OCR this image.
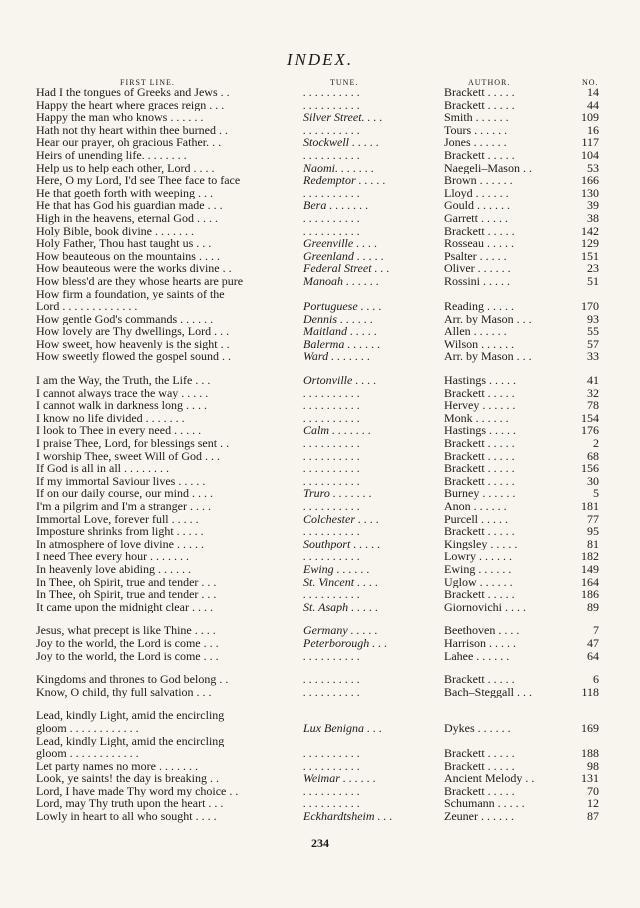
INDEX.
FIRST LINE.	TUNE.	AUTHOR.	NO.
Had I the tongues of Greeks and Jews . .	. . . . . . . . . .	Brackett . . . . .	14
Happy the heart where graces reign . . .	. . . . . . . . . .	Brackett . . . . .	44
Happy the man who knows . . . . . .	Silver Street. . . .	Smith . . . . . .	109
Hath not thy heart within thee burned . .	. . . . . . . . . .	Tours . . . . . .	16
Hear our prayer, oh gracious Father. . .	Stockwell . . . . .	Jones . . . . . .	117
Heirs of unending life. . . . . . . .	. . . . . . . . . .	Brackett . . . . .	104
Help us to help each other, Lord . . . .	Naomi. . . . . . .	Naegeli–Mason . .	53
Here, O my Lord, I'd see Thee face to face	Redemptor . . . . .	Brown . . . . . .	166
He that goeth forth with weeping . . .	. . . . . . . . . .	Lloyd . . . . . .	130
He that has God his guardian made . . .	Bera . . . . . . .	Gould . . . . . .	39
High in the heavens, eternal God . . . .	. . . . . . . . . .	Garrett . . . . .	38
Holy Bible, book divine . . . . . . .	. . . . . . . . . .	Brackett . . . . .	142
Holy Father, Thou hast taught us . . .	Greenville . . . .	Rosseau . . . . .	129
How beauteous on the mountains . . . .	Greenland . . . . .	Psalter . . . . .	151
How beauteous were the works divine . .	Federal Street . . .	Oliver . . . . . .	23
How bless'd are they whose hearts are pure	Manoah . . . . . .	Rossini . . . . .	51
How firm a foundation, ye saints of the
Lord . . . . . . . . . . . . .	Portuguese . . . .	Reading . . . . .	170
How gentle God's commands . . . . . .	Dennis . . . . . .	Arr. by Mason . . .	93
How lovely are Thy dwellings, Lord . . .	Maitland . . . . .	Allen . . . . . .	55
How sweet, how heavenly is the sight . .	Balerma . . . . . .	Wilson . . . . . .	57
How sweetly flowed the gospel sound . .	Ward . . . . . . .	Arr. by Mason . . .	33
I am the Way, the Truth, the Life . . .	Ortonville . . . .	Hastings . . . . .	41
I cannot always trace the way . . . . .	. . . . . . . . . .	Brackett . . . . .	32
I cannot walk in darkness long . . . .	. . . . . . . . . .	Hervey . . . . . .	78
I know no life divided . . . . . . .	. . . . . . . . . .	Monk . . . . . .	154
I look to Thee in every need . . . . .	Calm . . . . . . .	Hastings . . . . .	176
I praise Thee, Lord, for blessings sent . .	. . . . . . . . . .	Brackett . . . . .	2
I worship Thee, sweet Will of God . . .	. . . . . . . . . .	Brackett . . . . .	68
If God is all in all . . . . . . . .	. . . . . . . . . .	Brackett . . . . .	156
If my immortal Saviour lives . . . . .	. . . . . . . . . .	Brackett . . . . .	30
If on our daily course, our mind . . . .	Truro . . . . . . .	Burney . . . . . .	5
I'm a pilgrim and I'm a stranger . . . .	. . . . . . . . . .	Anon . . . . . .	181
Immortal Love, forever full . . . . .	Colchester . . . .	Purcell . . . . .	77
Imposture shrinks from light . . . . .	. . . . . . . . . .	Brackett . . . . .	95
In atmosphere of love divine . . . . .	Southport . . . . .	Kingsley . . . . .	81
I need Thee every hour . . . . . . .	. . . . . . . . . .	Lowry . . . . . .	182
In heavenly love abiding . . . . . .	Ewing . . . . . .	Ewing . . . . . .	149
In Thee, oh Spirit, true and tender . . .	St. Vincent . . . .	Uglow . . . . . .	164
In Thee, oh Spirit, true and tender . . .	. . . . . . . . . .	Brackett . . . . .	186
It came upon the midnight clear . . . .	St. Asaph . . . . .	Giornovichi . . . .	89
Jesus, what precept is like Thine . . . .	Germany . . . . .	Beethoven . . . .	7
Joy to the world, the Lord is come . . .	Peterborough . . .	Harrison . . . . .	47
Joy to the world, the Lord is come . . .	. . . . . . . . . .	Lahee . . . . . .	64
Kingdoms and thrones to God belong . .	. . . . . . . . . .	Brackett . . . . .	6
Know, O child, thy full salvation . . .	. . . . . . . . . .	Bach–Steggall . . .	118
Lead, kindly Light, amid the encircling
gloom . . . . . . . . . . . .	Lux Benigna . . .	Dykes . . . . . .	169
Lead, kindly Light, amid the encircling
gloom . . . . . . . . . . . .	. . . . . . . . . .	Brackett . . . . .	188
Let party names no more . . . . . . .	. . . . . . . . . .	Brackett . . . . .	98
Look, ye saints! the day is breaking . .	Weimar . . . . . .	Ancient Melody . .	131
Lord, I have made Thy word my choice . .	. . . . . . . . . .	Brackett . . . . .	70
Lord, may Thy truth upon the heart . . .	. . . . . . . . . .	Schumann . . . . .	12
Lowly in heart to all who sought . . . .	Eckhardtsheim . . .	Zeuner . . . . . .	87
234
